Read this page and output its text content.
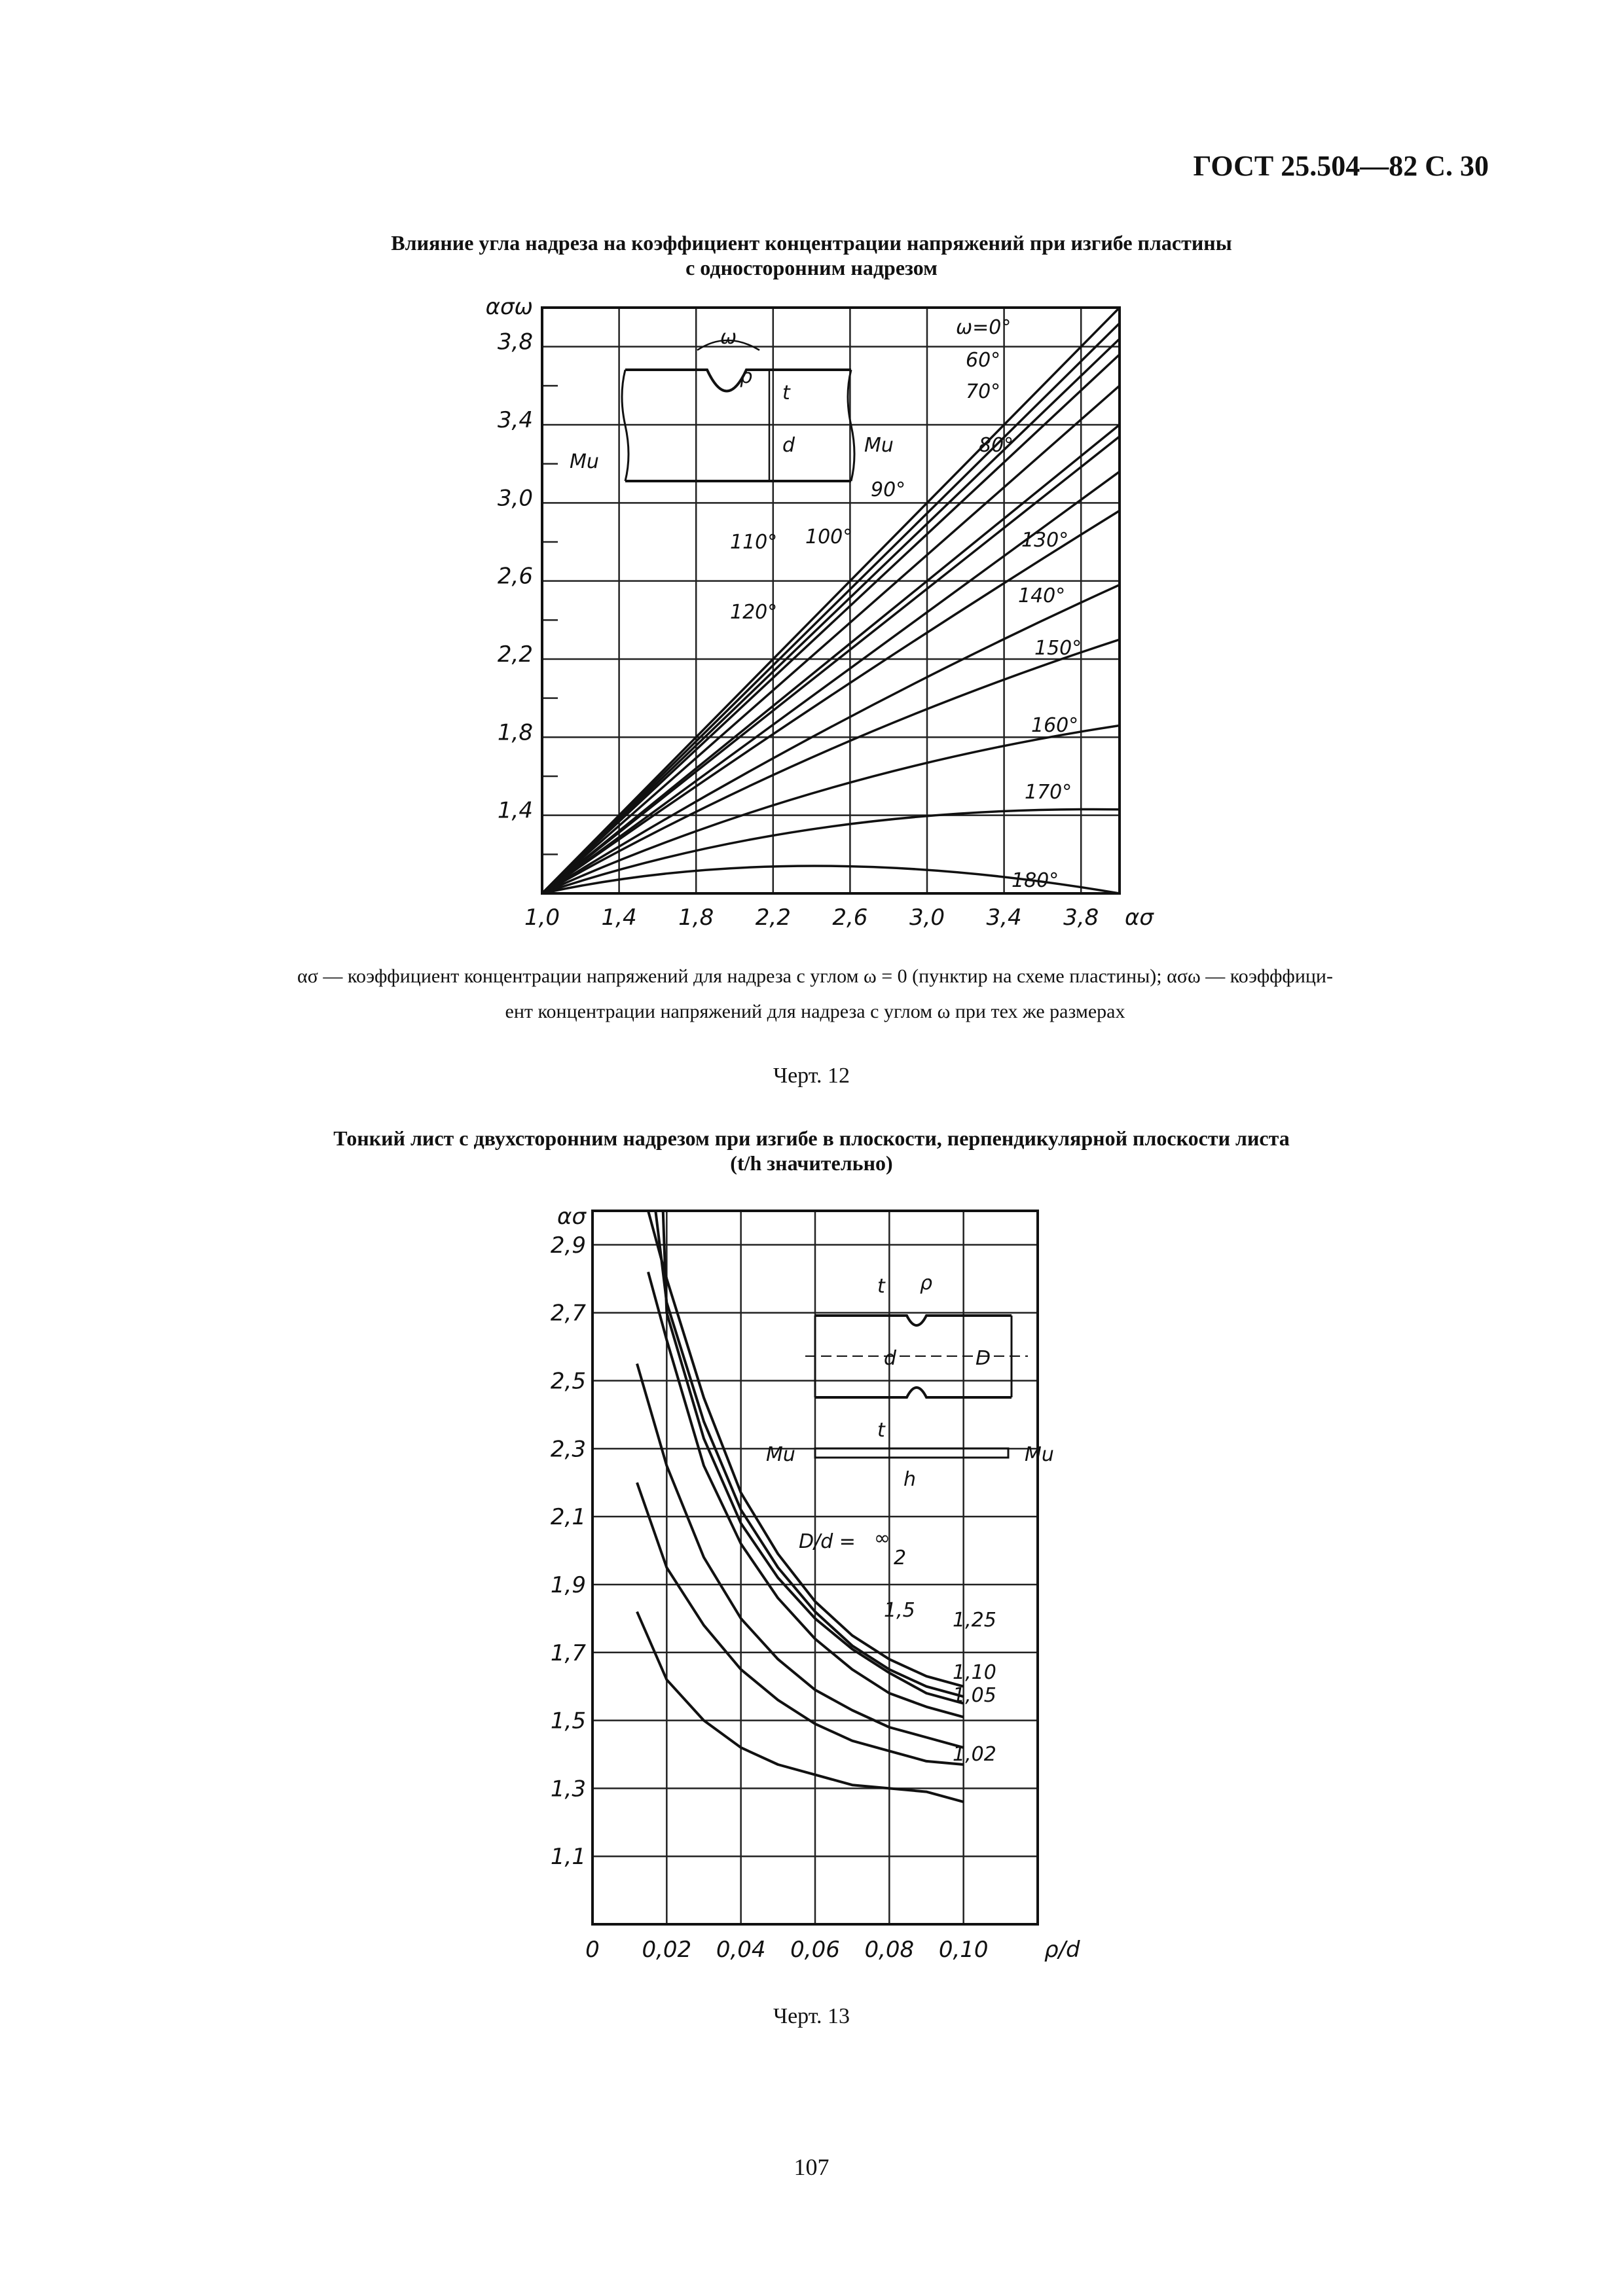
ГОСТ 25.504—82 С. 30
Влияние угла надреза на коэффициент концентрации напряжений при изгибе пластины
с односторонним надрезом
ασ — коэффициент концентрации напряжений для надреза с углом ω = 0 (пунктир на схеме пластины); ασω — коэфффици-
ент концентрации напряжений для надреза с углом ω при тех же размерах
Черт. 12
Тонкий лист с двухсторонним надрезом при изгибе в плоскости, перпендикулярной плоскости листа
(t/h значительно)
Черт. 13
107
1,0 1,4 1,8 2,2 2,6 3,0 3,4 3,8
1,4
1,8
2,2
2,6
3,0
3,4
3,8
ασω
ασ
ω=0°
60°
70°
80°
90°
100°
110°
120°
130°
140°
150°
160°
170°
180°
ω
ρ
t
d
Mu
Mu
0 0,02 0,04 0,06 0,08 0,10
1,1
1,3
1,5
1,7
1,9
2,1
2,3
2,5
2,7
2,9
ασ
ρ/d
D/d = ∞
2
1,5 1,25
1,10
1,05
1,02
t ρ
d	D
t
Mu	Mu
h
